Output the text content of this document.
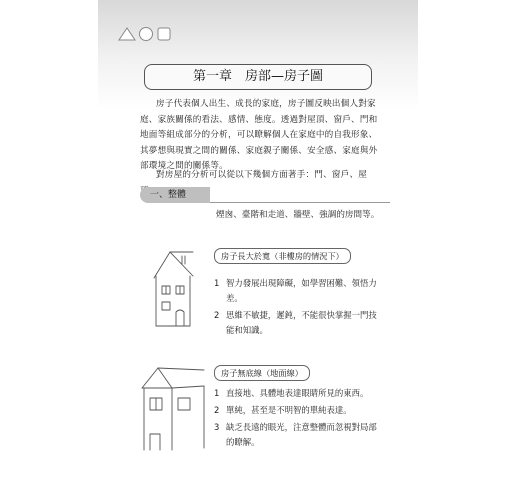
第一章　房部—房子圖

房子代表個人出生、成長的家庭，房子圖反映出個人對家庭、家族關係的看法、感情、態度。透過對屋頂、窗戶、門和地面等組成部分的分析，可以瞭解個人在家庭中的自我形象、其夢想與現實之間的關係、家庭親子關係、安全感、家庭與外部環境之間的關係等。

對房屋的分析可以從以下幾個方面著手：門、窗戶、屋

一、整體

煙囪、臺階和走道、牆壁、強調的房間等。

房子長大於寬（非樓房的情況下）
1 智力發展出現障礙，如學習困難、領悟力差。
2 思維不敏捷，遲鈍，不能很快掌握一門技能和知識。
房子無底線（地面線）
1 直接地、具體地表達眼睛所見的東西。
2 單純，甚至是不明智的單純表達。
3 缺乏長遠的眼光，注意整體而忽視對局部的瞭解。
